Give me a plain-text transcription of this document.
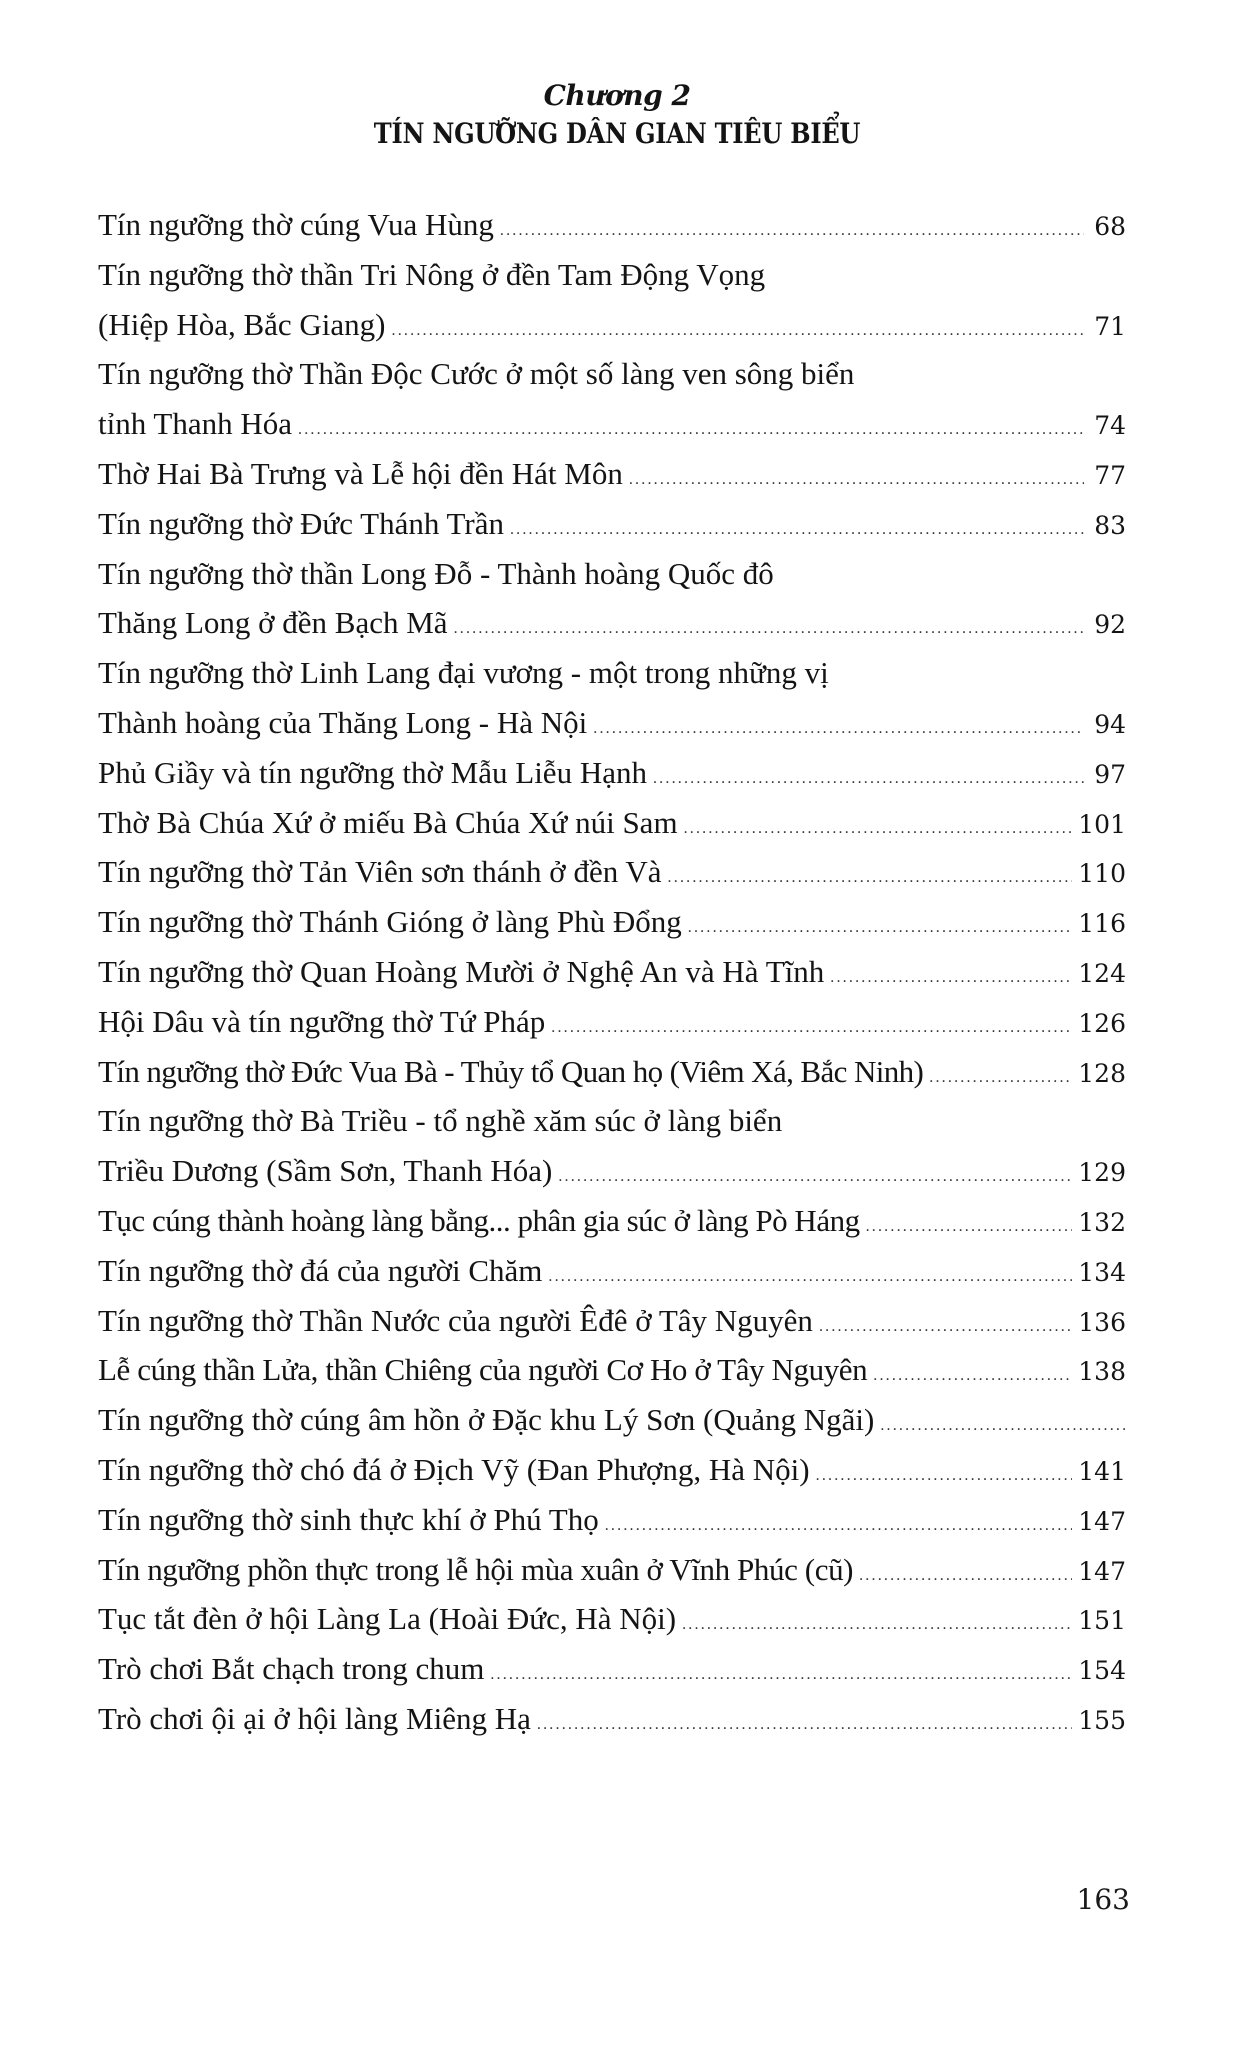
Chương 2
TÍN NGƯỠNG DÂN GIAN TIÊU BIỂU
Tín ngưỡng thờ cúng Vua Hùng .....	68
Tín ngưỡng thờ thần Tri Nông ở đền Tam Động Vọng
(Hiệp Hòa, Bắc Giang) .....	71
Tín ngưỡng thờ Thần Độc Cước ở một số làng ven sông biển
tỉnh Thanh Hóa .....	74
Thờ Hai Bà Trưng và Lễ hội đền Hát Môn .....	77
Tín ngưỡng thờ Đức Thánh Trần .....	83
Tín ngưỡng thờ thần Long Đỗ - Thành hoàng Quốc đô
Thăng Long ở đền Bạch Mã .....	92
Tín ngưỡng thờ Linh Lang đại vương - một trong những vị
Thành hoàng của Thăng Long - Hà Nội .....	94
Phủ Giầy và tín ngưỡng thờ Mẫu Liễu Hạnh .....	97
Thờ Bà Chúa Xứ ở miếu Bà Chúa Xứ núi Sam .....	101
Tín ngưỡng thờ Tản Viên sơn thánh ở đền Và .....	110
Tín ngưỡng thờ Thánh Gióng ở làng Phù Đổng .....	116
Tín ngưỡng thờ Quan Hoàng Mười ở Nghệ An và Hà Tĩnh .....	124
Hội Dâu và tín ngưỡng thờ Tứ Pháp .....	126
Tín ngưỡng thờ Đức Vua Bà - Thủy tổ Quan họ (Viêm Xá, Bắc Ninh) .....	128
Tín ngưỡng thờ Bà Triều - tổ nghề xăm súc ở làng biển
Triều Dương (Sầm Sơn, Thanh Hóa) .....	129
Tục cúng thành hoàng làng bằng... phân gia súc ở làng Pò Háng .....	132
Tín ngưỡng thờ đá của người Chăm .....	134
Tín ngưỡng thờ Thần Nước của người Êđê ở Tây Nguyên .....	136
Lễ cúng thần Lửa, thần Chiêng của người Cơ Ho ở Tây Nguyên .....	138
Tín ngưỡng thờ cúng âm hồn ở Đặc khu Lý Sơn (Quảng Ngãi)
.....
Tín ngưỡng thờ chó đá ở Địch Vỹ (Đan Phượng, Hà Nội) .....	141
Tín ngưỡng thờ sinh thực khí ở Phú Thọ .....	147
Tín ngưỡng phồn thực trong lễ hội mùa xuân ở Vĩnh Phúc (cũ) .....	147
Tục tắt đèn ở hội Làng La (Hoài Đức, Hà Nội) .....	151
Trò chơi Bắt chạch trong chum .....	154
Trò chơi ội ại ở hội làng Miêng Hạ .....	155
163
